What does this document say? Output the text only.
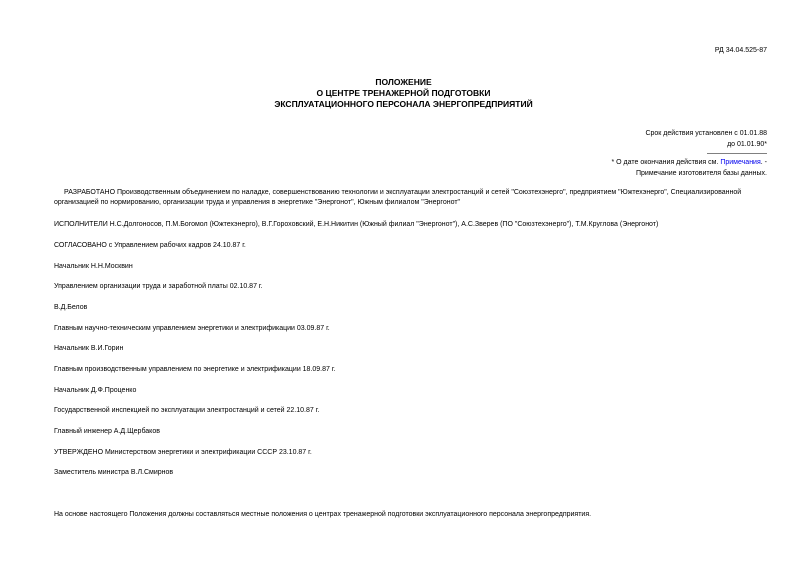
РД 34.04.525-87
ПОЛОЖЕНИЕ
О ЦЕНТРЕ ТРЕНАЖЕРНОЙ ПОДГОТОВКИ
ЭКСПЛУАТАЦИОННОГО ПЕРСОНАЛА ЭНЕРГОПРЕДПРИЯТИЙ
Срок действия установлен с 01.01.88
до 01.01.90*
* О дате окончания действия см. Примечания. -
Примечание изготовителя базы данных.
РАЗРАБОТАНО Производственным объединением по наладке, совершенствованию технологии и эксплуатации электростанций и сетей "Союзтехэнерго", предприятием "Южтехэнерго", Специализированной организацией по нормированию, организации труда и управления в энергетике "Энергонот", Южным филиалом "Энергонот"
ИСПОЛНИТЕЛИ Н.С.Долгоносов, П.М.Богомол (Южтехэнерго), В.Г.Гороховский, Е.Н.Никитин (Южный филиал "Энергонот"), А.С.Зверев (ПО "Союзтехэнерго"), Т.М.Круглова (Энергонот)
СОГЛАСОВАНО с Управлением рабочих кадров 24.10.87 г.
Начальник Н.Н.Москвин
Управлением организации труда и заработной платы 02.10.87 г.
В.Д.Белов
Главным научно-техническим управлением энергетики и электрификации 03.09.87 г.
Начальник В.И.Горин
Главным производственным управлением по энергетике и электрификации 18.09.87 г.
Начальник Д.Ф.Проценко
Государственной инспекцией по эксплуатации электростанций и сетей 22.10.87 г.
Главный инженер А.Д.Щербаков
УТВЕРЖДЕНО Министерством энергетики и электрификации СССР 23.10.87 г.
Заместитель министра В.Л.Смирнов
На основе настоящего Положения должны составляться местные положения о центрах тренажерной подготовки эксплуатационного персонала энергопредприятия.
